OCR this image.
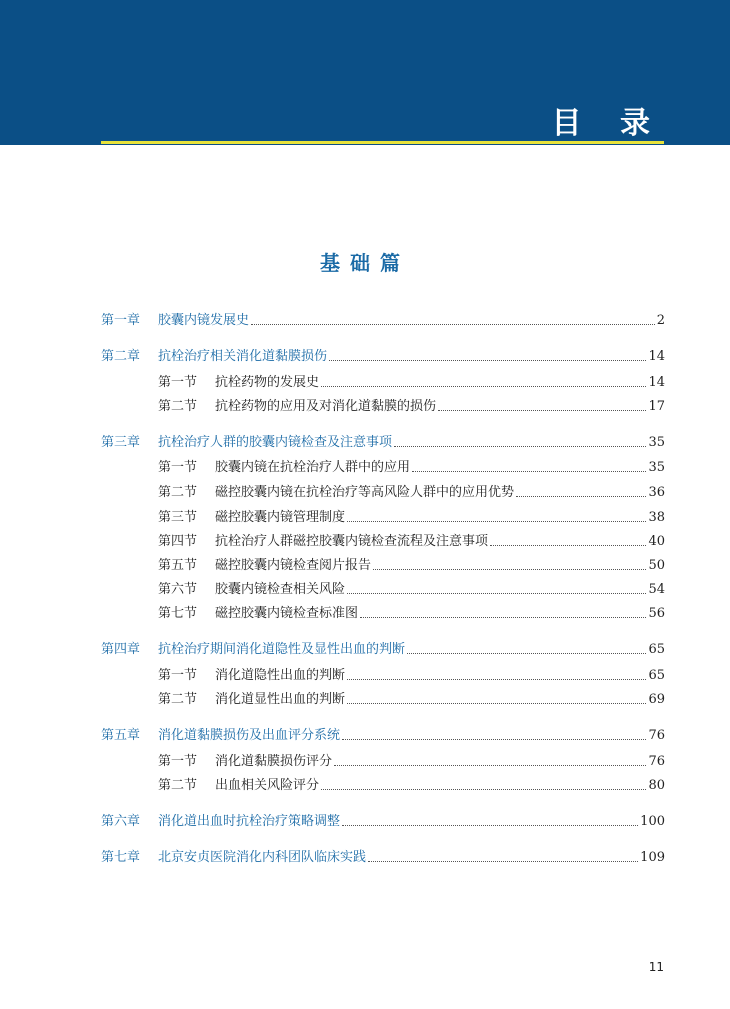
目 录
基础篇
第一章	胶囊内镜发展史	2
第二章	抗栓治疗相关消化道黏膜损伤	14
第一节	抗栓药物的发展史	14
第二节	抗栓药物的应用及对消化道黏膜的损伤	17
第三章	抗栓治疗人群的胶囊内镜检查及注意事项	35
第一节	胶囊内镜在抗栓治疗人群中的应用	35
第二节	磁控胶囊内镜在抗栓治疗等高风险人群中的应用优势	36
第三节	磁控胶囊内镜管理制度	38
第四节	抗栓治疗人群磁控胶囊内镜检查流程及注意事项	40
第五节	磁控胶囊内镜检查阅片报告	50
第六节	胶囊内镜检查相关风险	54
第七节	磁控胶囊内镜检查标准图	56
第四章	抗栓治疗期间消化道隐性及显性出血的判断	65
第一节	消化道隐性出血的判断	65
第二节	消化道显性出血的判断	69
第五章	消化道黏膜损伤及出血评分系统	76
第一节	消化道黏膜损伤评分	76
第二节	出血相关风险评分	80
第六章	消化道出血时抗栓治疗策略调整	100
第七章	北京安贞医院消化内科团队临床实践	109
11
